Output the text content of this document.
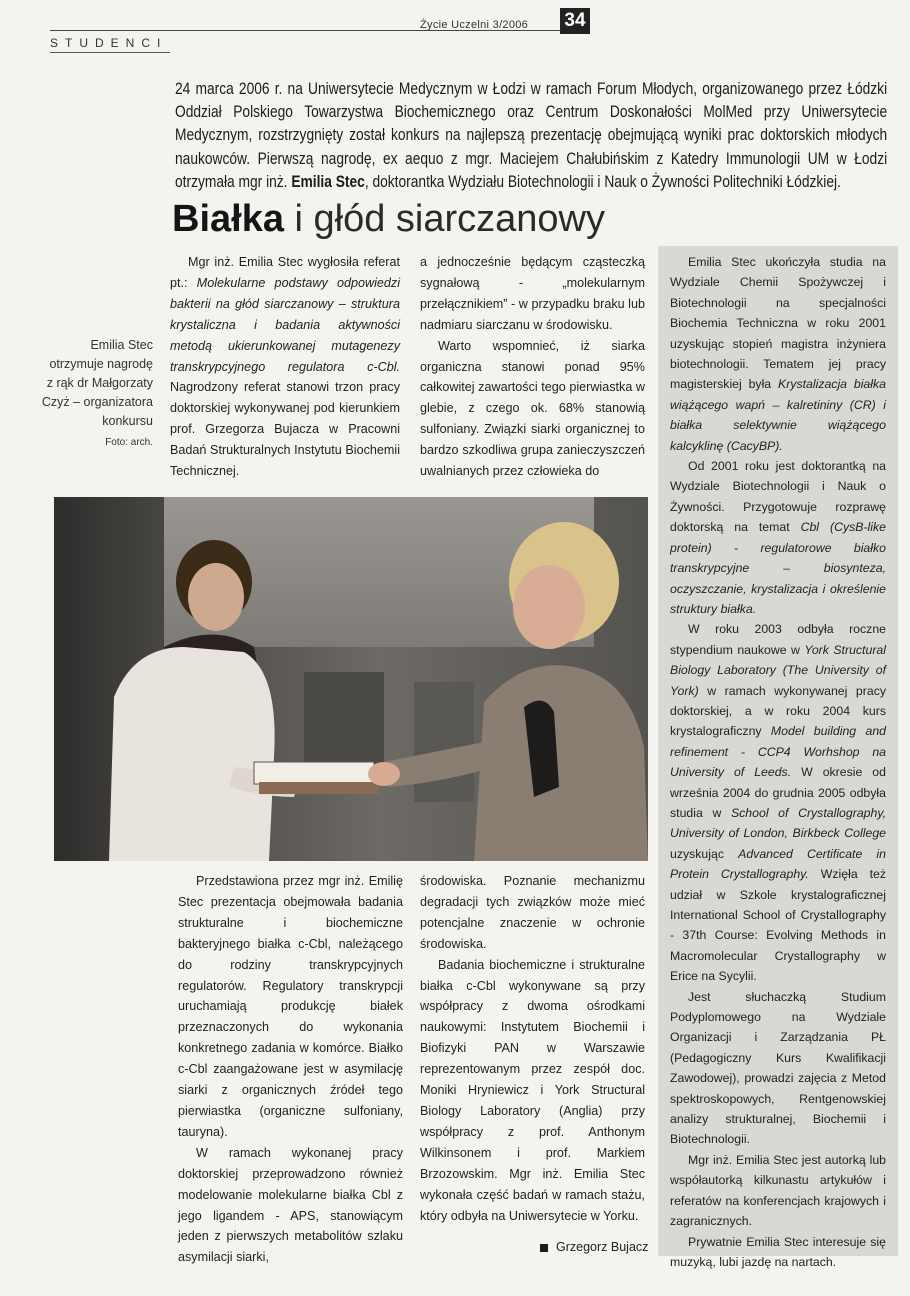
STUDENCI
Życie Uczelni 3/2006 34
24 marca 2006 r. na Uniwersytecie Medycznym w Łodzi w ramach Forum Młodych, organizowanego przez Łódzki Oddział Polskiego Towarzystwa Biochemicznego oraz Centrum Doskonałości MolMed przy Uniwersytecie Medycznym, rozstrzygnięty został konkurs na najlepszą prezentację obejmującą wyniki prac doktorskich młodych naukowców. Pierwszą nagrodę, ex aequo z mgr. Maciejem Chałubińskim z Katedry Immunologii UM w Łodzi otrzymała mgr inż. Emilia Stec, doktorantka Wydziału Biotechnologii i Nauk o Żywności Politechniki Łódzkiej.
Białka i głód siarczanowy
Emilia Stec otrzymuje nagrodę z rąk dr Małgorzaty Czyż – organizatora konkursu
Foto: arch.

Mgr inż. Emilia Stec wygłosiła referat pt.: Molekularne podstawy odpowiedzi bakterii na głód siarczanowy – struktura krystaliczna i badania aktywności metodą ukierunkowanej mutagenezy transkrypcyjnego regulatora c-Cbl. Nagrodzony referat stanowi trzon pracy doktorskiej wykonywanej pod kierunkiem prof. Grzegorza Bujacza w Pracowni Badań Strukturalnych Instytutu Biochemii Technicznej.

a jednocześnie będącym cząsteczką sygnałową - „molekularnym przełącznikiem” - w przypadku braku lub nadmiaru siarczanu w środowisku.

Warto wspomnieć, iż siarka organiczna stanowi ponad 95% całkowitej zawartości tego pierwiastka w glebie, z czego ok. 68% stanowią sulfoniany. Związki siarki organicznej to bardzo szkodliwa grupa zanieczyszczeń uwalnianych przez człowieka do

Przedstawiona przez mgr inż. Emilię Stec prezentacja obejmowała badania strukturalne i biochemiczne bakteryjnego białka c-Cbl, należącego do rodziny transkrypcyjnych regulatorów. Regulatory transkrypcji uruchamiają produkcję białek przeznaczonych do wykonania konkretnego zadania w komórce. Białko c-Cbl zaangażowane jest w asymilację siarki z organicznych źródeł tego pierwiastka (organiczne sulfoniany, tauryna).

W ramach wykonanej pracy doktorskiej przeprowadzono również modelowanie molekularne białka Cbl z jego ligandem - APS, stanowiącym jeden z pierwszych metabolitów szlaku asymilacji siarki,

środowiska. Poznanie mechanizmu degradacji tych związków może mieć potencjalne znaczenie w ochronie środowiska.

Badania biochemiczne i strukturalne białka c-Cbl wykonywane są przy współpracy z dwoma ośrodkami naukowymi: Instytutem Biochemii i Biofizyki PAN w Warszawie reprezentowanym przez zespół doc. Moniki Hryniewicz i York Structural Biology Laboratory (Anglia) przy współpracy z prof. Anthonym Wilkinsonem i prof. Markiem Brzozowskim. Mgr inż. Emilia Stec wykonała część badań w ramach stażu, który odbyła na Uniwersytecie w Yorku.

Grzegorz Bujacz

Emilia Stec ukończyła studia na Wydziale Chemii Spożywczej i Biotechnologii na specjalności Biochemia Techniczna w roku 2001 uzyskując stopień magistra inżyniera biotechnologii. Tematem jej pracy magisterskiej była Krystalizacja białka wiążącego wapń – kalretininy (CR) i białka selektywnie wiążącego kalcyklinę (CacyBP).

Od 2001 roku jest doktorantką na Wydziale Biotechnologii i Nauk o Żywności. Przygotowuje rozprawę doktorską na temat Cbl (CysB-like protein) - regulatorowe białko transkrypcyjne – biosynteza, oczyszczanie, krystalizacja i określenie struktury białka.

W roku 2003 odbyła roczne stypendium naukowe w York Structural Biology Laboratory (The University of York) w ramach wykonywanej pracy doktorskiej, a w roku 2004 kurs krystalograficzny Model building and refinement - CCP4 Worhshop na University of Leeds. W okresie od września 2004 do grudnia 2005 odbyła studia w School of Crystallography, University of London, Birkbeck College uzyskując Advanced Certificate in Protein Crystallography. Wzięła też udział w Szkole krystalograficznej International School of Crystallography - 37th Course: Evolving Methods in Macromolecular Crystallography w Erice na Sycylii.

Jest słuchaczką Studium Podyplomowego na Wydziale Organizacji i Zarządzania PŁ (Pedagogiczny Kurs Kwalifikacji Zawodowej), prowadzi zajęcia z Metod spektroskopowych, Rentgenowskiej analizy strukturalnej, Biochemii i Biotechnologii.

Mgr inż. Emilia Stec jest autorką lub współautorką kilkunastu artykułów i referatów na konferencjach krajowych i zagranicznych.

Prywatnie Emilia Stec interesuje się muzyką, lubi jazdę na nartach.
